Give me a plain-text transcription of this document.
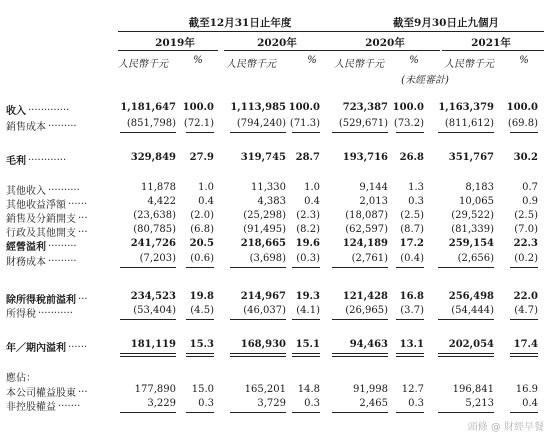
截至12月31日止年度	截至9月30日止九個月
2019年	2020年	2020年	2021年
人民幣千元	%	人民幣千元	%	人民幣千元	%	人民幣千元	%
(未經審計)
收入 .............	1,181,647 100.0	1,113,985 100.0	723,387 100.0	1,163,379	100.0
銷售成本 .........	(851,798) (72.1)	(794,240) (71.3)	(529,671) (73.2)	(811,612)	(69.8)
毛利 ............	329,849	27.9	319,745 28.7	193,716	26.8	351,767	30.2
其他收入 ..........	11,878	1.0	11,330	1.0	9,144	1.3	8,183	0.7
其他收益淨額 ......	4,422	0.4	4,383	0.4	2,013	0.3	10,065	0.9
銷售及分銷開支 ...	(23,638)	(2.0)	(25,298)	(2.3)	(18,087)	(2.5)	(29,522)	(2.5)
行政及其他開支 ...	(80,785)	(6.8)	(91,495)	(8.2)	(62,597)	(8.7)	(81,339)	(7.0)
經營溢利 .........	241,726	20.5	218,665 19.6	124,189	17.2	259,154	22.3
財務成本 .........	(7,203)	(0.6)	(3,698)	(0.3)	(2,761)	(0.4)	(2,656)	(0.2)
除所得稅前溢利 ...	234,523	19.8	214,967 19.3	121,428	16.8	256,498	22.0
所得稅 ...........	(53,404)	(4.5)	(46,037)	(4.1)	(26,965)	(3.7)	(54,444)	(4.7)
年／期內溢利 ......	181,119	15.3	168,930 15.1	94,463	13.1	202,054	17.4
應佔：
本公司權益股東 ...	177,890	15.0	165,201	14.8	91,998	12.7	196,841	16.9
非控股權益 .......	3,229	0.3	3,729	0.3	2,465	0.3	5,213	0.4
頭條 @ 財經早餐
